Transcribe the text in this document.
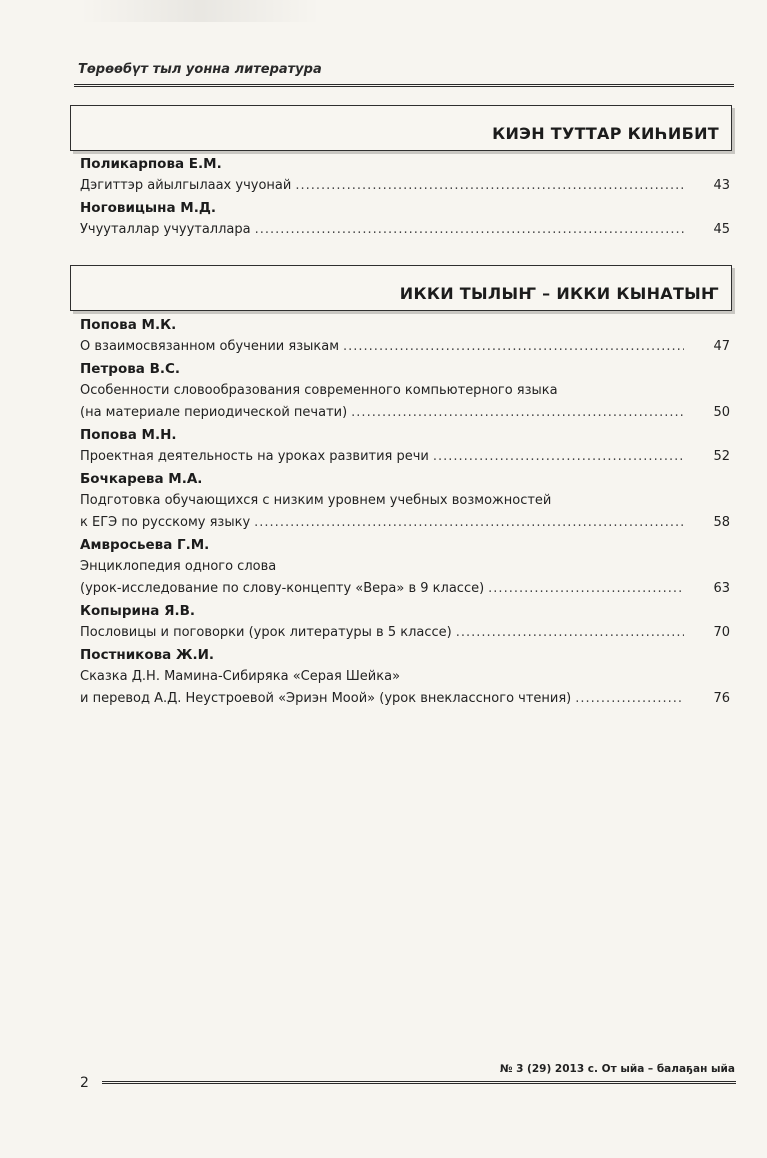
Төрөөбүт тыл уонна литература
КИЭН ТУТТАР КИҺИБИТ
Поликарпова Е.М.
Дэгиттэр айылгылаах учуонай .....	43
Ноговицына М.Д.
Учууталлар учууталлара .....	45
ИККИ ТЫЛЫҤ – ИККИ КЫНАТЫҤ
Попова М.К.
О взаимосвязанном обучении языкам .....	47
Петрова В.С.
Особенности словообразования современного компьютерного языка
(на материале периодической печати) .....	50
Попова М.Н.
Проектная деятельность на уроках развития речи .....	52
Бочкарева М.А.
Подготовка обучающихся с низким уровнем учебных возможностей
к ЕГЭ по русскому языку .....	58
Амвросьева Г.М.
Энциклопедия одного слова
(урок-исследование по слову-концепту «Вера» в 9 классе) .....	63
Копырина Я.В.
Пословицы и поговорки (урок литературы в 5 классе) .....	70
Постникова Ж.И.
Сказка Д.Н. Мамина-Сибиряка «Серая Шейка»
и перевод А.Д. Неустроевой «Эриэн Моой» (урок внеклассного чтения) .....	76
№ 3 (29) 2013 с. От ыйа – балаҕан ыйа
2
